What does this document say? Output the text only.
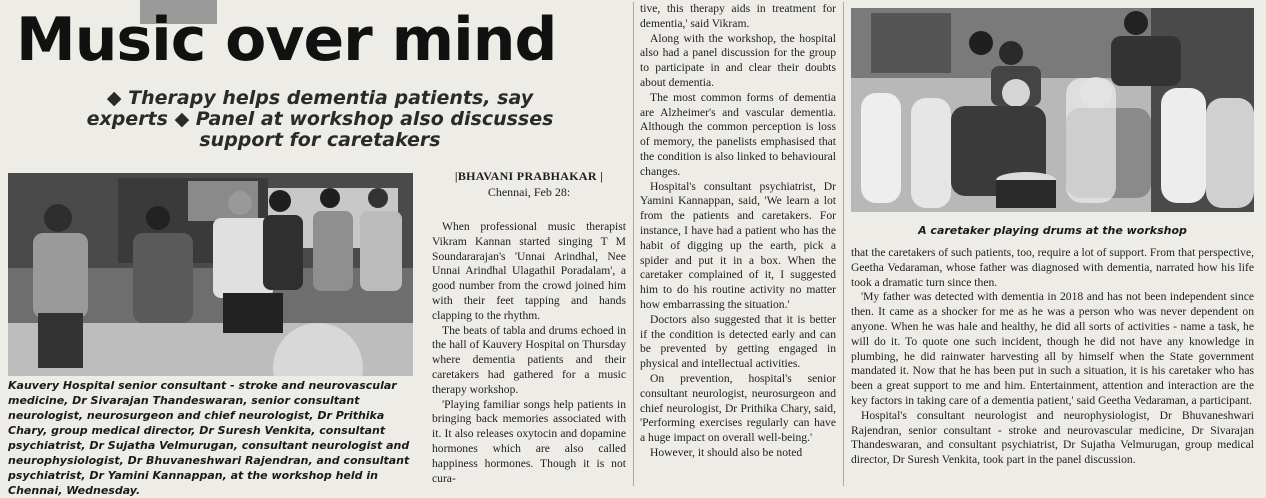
Music over mind
◆ Therapy helps dementia patients, say experts ◆ Panel at workshop also discusses support for caretakers
Kauvery Hospital senior consultant - stroke and neurovascular medicine, Dr Sivarajan Thandeswaran, senior consultant neurologist, neurosurgeon and chief neurologist, Dr Prithika Chary, group medical director, Dr Suresh Venkita, consultant psychiatrist, Dr Sujatha Velmurugan, consultant neurologist and neurophysiologist, Dr Bhuvaneshwari Rajendran, and consultant psychiatrist, Dr Yamini Kannappan, at the workshop held in Chennai, Wednesday.

|BHAVANI PRABHAKAR |

Chennai, Feb 28:

When professional music therapist Vikram Kannan started singing T M Soundararajan's 'Unnai Arindhal, Nee Unnai Arindhal Ulagathil Poradalam', a good number from the crowd joined him with their feet tapping and hands clapping to the rhythm.

The beats of tabla and drums echoed in the hall of Kauvery Hospital on Thursday where dementia patients and their caretakers had gathered for a music therapy workshop.

'Playing familiar songs help patients in bringing back memories associated with it. It also releases oxytocin and dopamine hormones which are also called happiness hormones. Though it is not cura-

tive, this therapy aids in treatment for dementia,' said Vikram.

Along with the workshop, the hospital also had a panel discussion for the group to participate in and clear their doubts about dementia.

The most common forms of dementia are Alzheimer's and vascular dementia. Although the common perception is loss of memory, the panelists emphasised that the condition is also linked to behavioural changes.

Hospital's consultant psychiatrist, Dr Yamini Kannappan, said, 'We learn a lot from the patients and caretakers. For instance, I have had a patient who has the habit of digging up the earth, pick a spider and put it in a box. When the caretaker complained of it, I suggested him to do his routine activity no matter how embarrassing the situation.'

Doctors also suggested that it is better if the condition is detected early and can be prevented by getting engaged in physical and intellectual activities.

On prevention, hospital's senior consultant neurologist, neurosurgeon and chief neurologist, Dr Prithika Chary, said, 'Performing exercises regularly can have a huge impact on overall well-being.'

However, it should also be noted

A caretaker playing drums at the workshop

that the caretakers of such patients, too, require a lot of support. From that perspective, Geetha Vedaraman, whose father was diagnosed with dementia, narrated how his life took a dramatic turn since then.

'My father was detected with dementia in 2018 and has not been independent since then. It came as a shocker for me as he was a person who was never dependent on anyone. When he was hale and healthy, he did all sorts of activities - name a task, he will do it. To quote one such incident, though he did not have any knowledge in plumbing, he did rainwater harvesting all by himself when the State government mandated it. Now that he has been put in such a situation, it is his caretaker who has been a great support to me and him. Entertainment, attention and interaction are the key factors in taking care of a dementia patient,' said Geetha Vedaraman, a participant.

Hospital's consultant neurologist and neurophysiologist, Dr Bhuvaneshwari Rajendran, senior consultant - stroke and neurovascular medicine, Dr Sivarajan Thandeswaran, and consultant psychiatrist, Dr Sujatha Velmurugan, group medical director, Dr Suresh Venkita, took part in the panel discussion.
